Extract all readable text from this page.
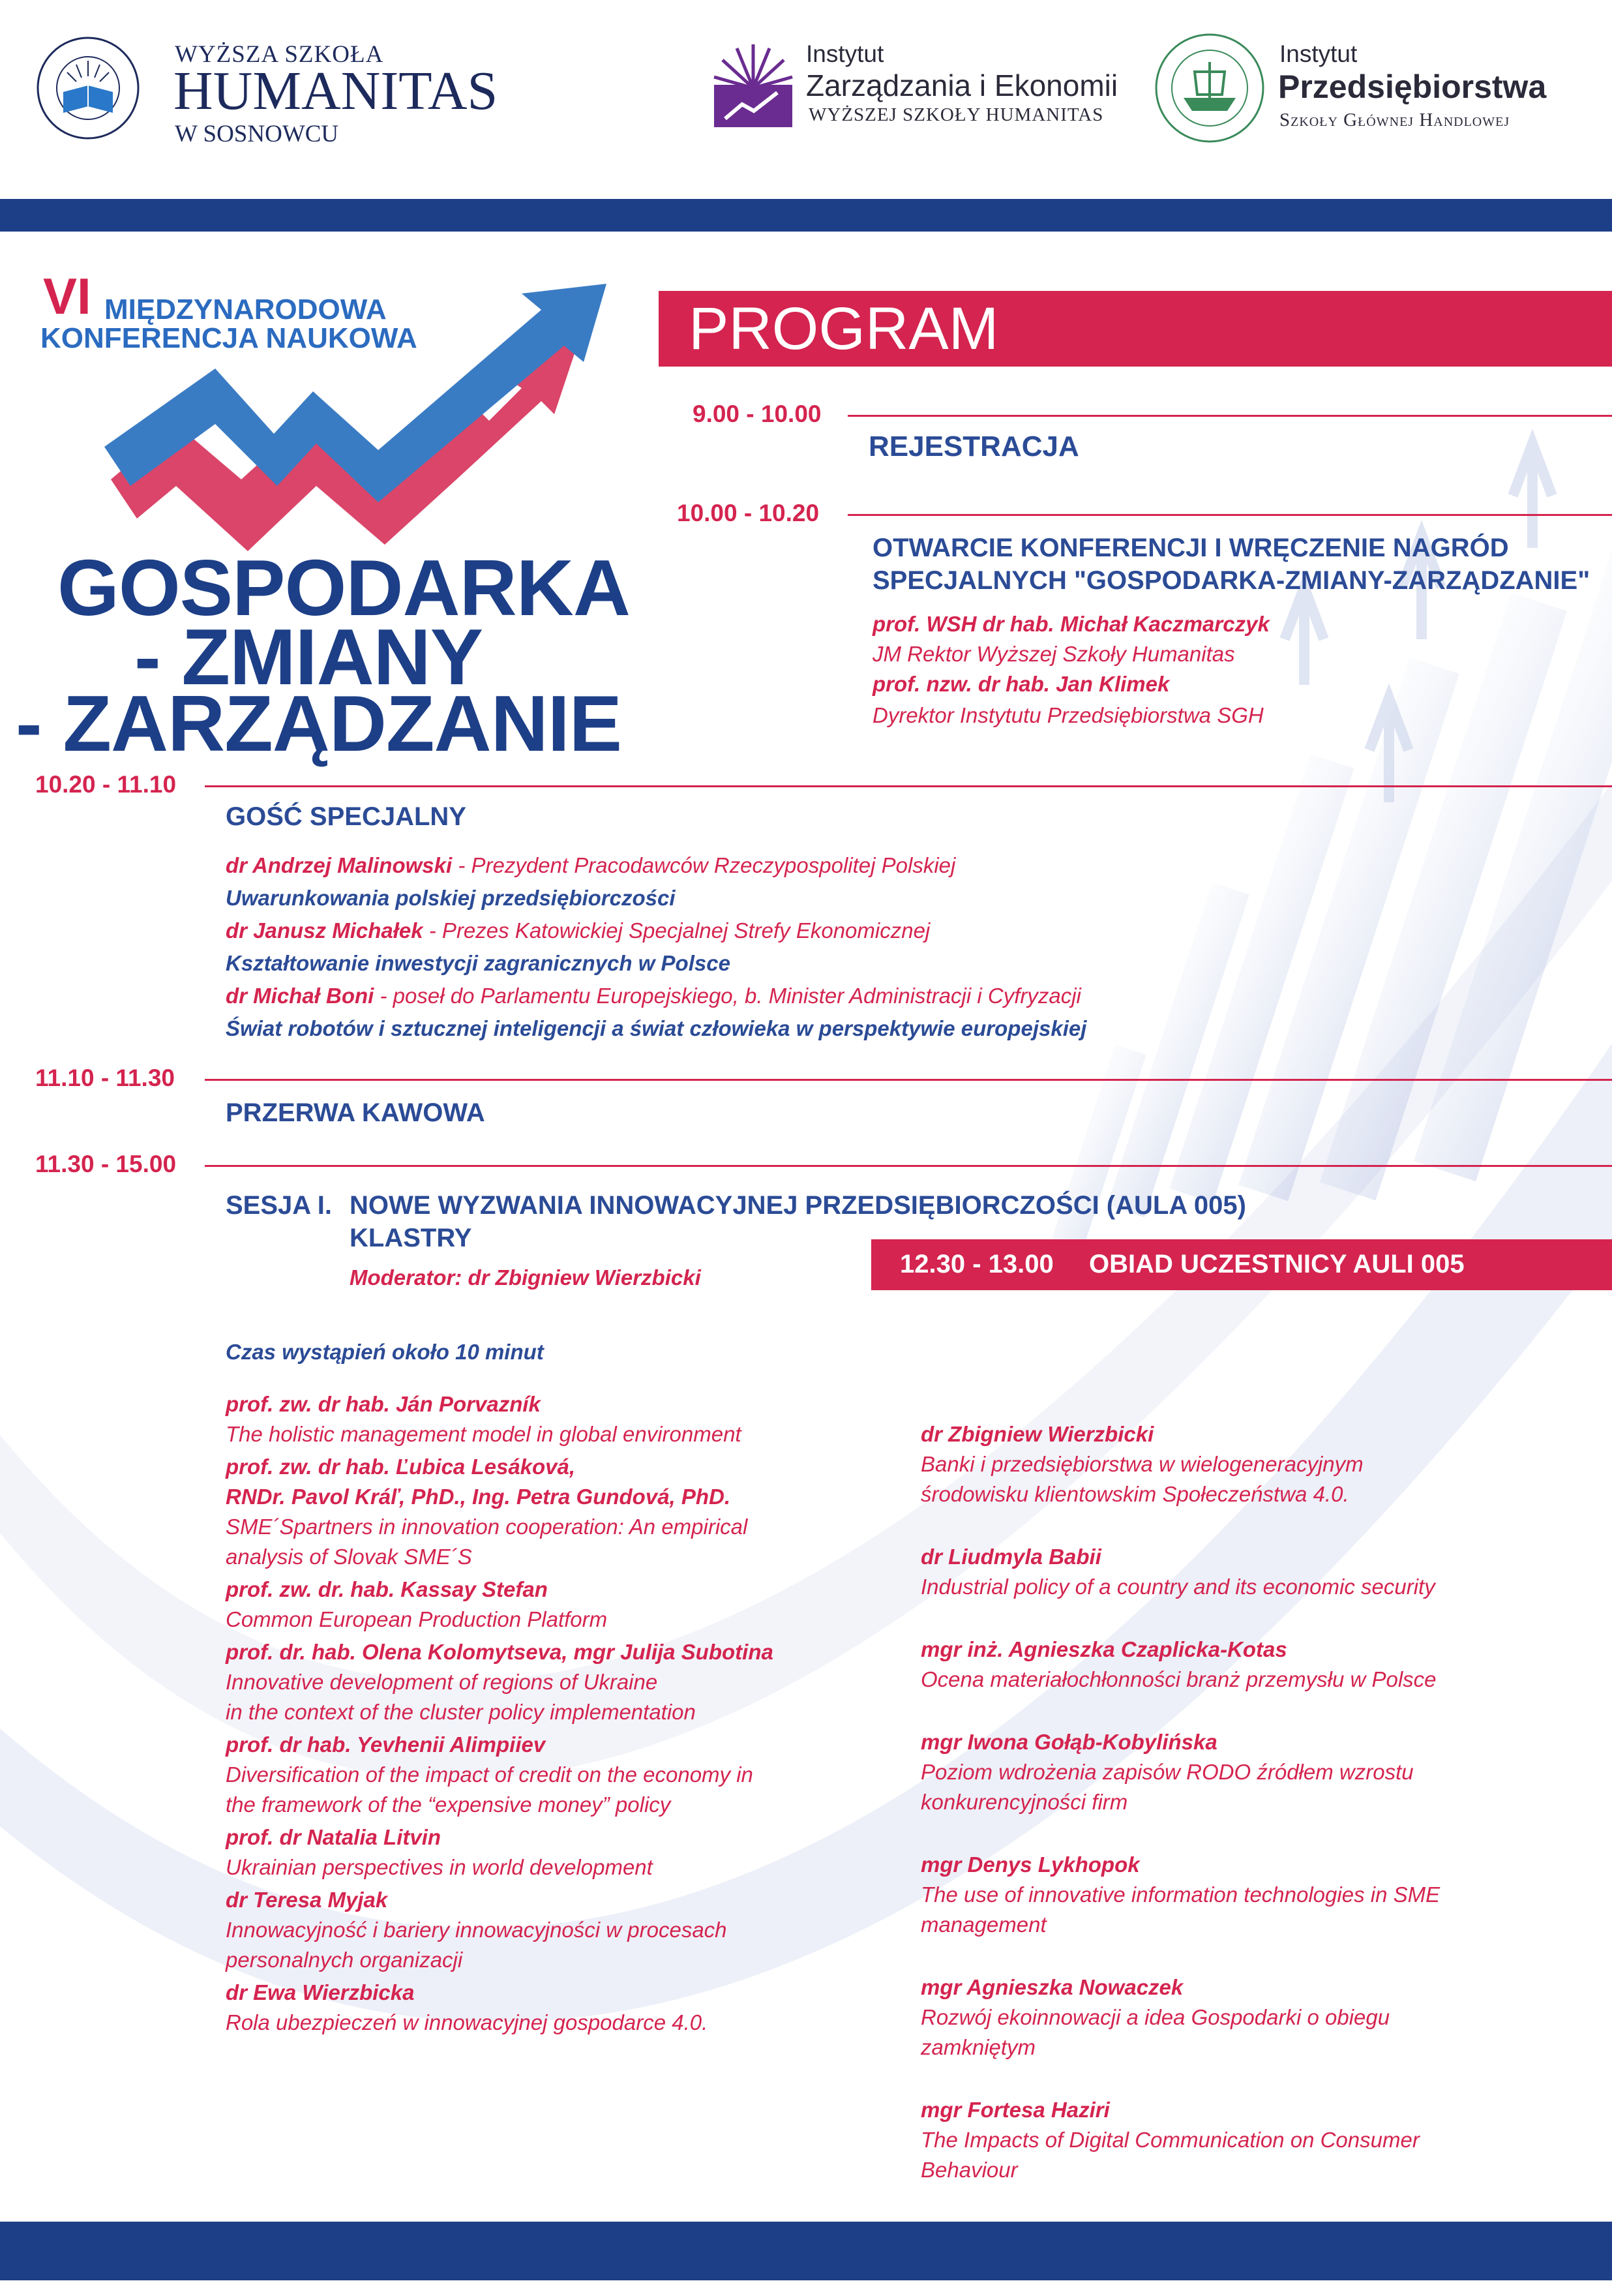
WYŻSZA SZKOŁA
HUMANITAS
W SOSNOWCU
Instytut
Zarządzania i Ekonomii
WYŻSZEJ SZKOŁY HUMANITAS
Instytut
Przedsiębiorstwa
Szkoły Głównej Handlowej
VI MIĘDZYNARODOWA
KONFERENCJA NAUKOWA
GOSPODARKA
- ZMIANY
- ZARZĄDZANIE
PROGRAM
9.00 - 10.00
REJESTRACJA
10.00 - 10.20
OTWARCIE KONFERENCJI I WRĘCZENIE NAGRÓD
SPECJALNYCH "GOSPODARKA-ZMIANY-ZARZĄDZANIE"
prof. WSH dr hab. Michał Kaczmarczyk
JM Rektor Wyższej Szkoły Humanitas
prof. nzw. dr hab. Jan Klimek
Dyrektor Instytutu Przedsiębiorstwa SGH
10.20 - 11.10
GOŚĆ SPECJALNY
dr Andrzej Malinowski - Prezydent Pracodawców Rzeczypospolitej Polskiej
Uwarunkowania polskiej przedsiębiorczości
dr Janusz Michałek - Prezes Katowickiej Specjalnej Strefy Ekonomicznej
Kształtowanie inwestycji zagranicznych w Polsce
dr Michał Boni - poseł do Parlamentu Europejskiego, b. Minister Administracji i Cyfryzacji
Świat robotów i sztucznej inteligencji a świat człowieka w perspektywie europejskiej
11.10 - 11.30
PRZERWA KAWOWA
11.30 - 15.00
SESJA I. NOWE WYZWANIA INNOWACYJNEJ PRZEDSIĘBIORCZOŚCI (AULA 005)
KLASTRY
Moderator: dr Zbigniew Wierzbicki	12.30 - 13.00 OBIAD UCZESTNICY AULI 005
Czas wystąpień około 10 minut
prof. zw. dr hab. Ján Porvazník
The holistic management model in global environment
prof. zw. dr hab. Ľubica Lesáková,
RNDr. Pavol Kráľ, PhD., Ing. Petra Gundová, PhD.
SME´Spartners in innovation cooperation: An empirical
analysis of Slovak SME´S
prof. zw. dr. hab. Kassay Stefan
Common European Production Platform
prof. dr. hab. Olena Kolomytseva, mgr Julija Subotina
Innovative development of regions of Ukraine
in the context of the cluster policy implementation
prof. dr hab. Yevhenii Alimpiiev
Diversification of the impact of credit on the economy in
the framework of the “expensive money” policy
prof. dr Natalia Litvin
Ukrainian perspectives in world development
dr Teresa Myjak
Innowacyjność i bariery innowacyjności w procesach
personalnych organizacji
dr Ewa Wierzbicka
Rola ubezpieczeń w innowacyjnej gospodarce 4.0.

dr Zbigniew Wierzbicki
Banki i przedsiębiorstwa w wielogeneracyjnym
środowisku klientowskim Społeczeństwa 4.0.

dr Liudmyla Babii
Industrial policy of a country and its economic security

mgr inż. Agnieszka Czaplicka-Kotas
Ocena materiałochłonności branż przemysłu w Polsce

mgr Iwona Gołąb-Kobylińska
Poziom wdrożenia zapisów RODO źródłem wzrostu
konkurencyjności firm

mgr Denys Lykhopok
The use of innovative information technologies in SME
management

mgr Agnieszka Nowaczek
Rozwój ekoinnowacji a idea Gospodarki o obiegu
zamkniętym

mgr Fortesa Haziri
The Impacts of Digital Communication on Consumer
Behaviour
